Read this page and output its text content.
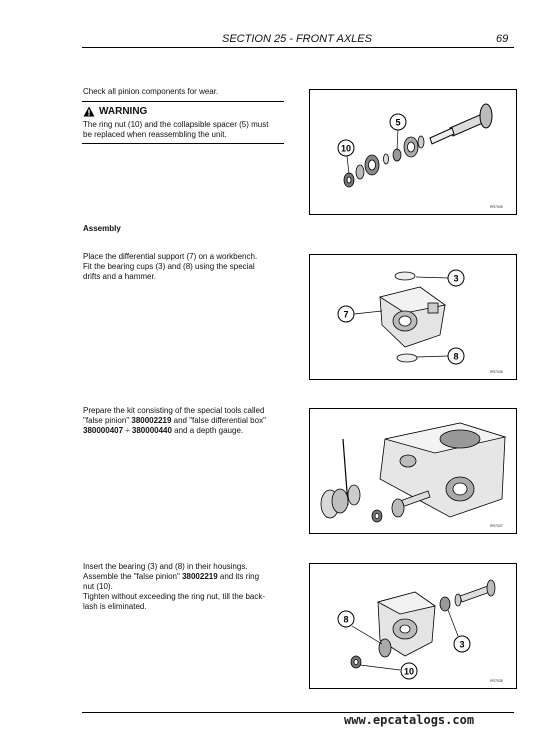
SECTION 25 - FRONT AXLES	69
Check all pinion components for wear.
WARNING
The ring nut (10) and the collapsible spacer (5) must
be replaced when reassembling the unit.
10
5
RR7535
Assembly
Place the differential support (7) on a workbench.
Fit the bearing cups (3) and (8) using the special
drifts and a hammer.	3
7
8
RR7536
Prepare the kit consisting of the special tools called
"false pinion" 380002219 and "false differential box"
380000407 ÷ 380000440 and a depth gauge.
RR7537
Insert the bearing (3) and (8) in their housings.
Assemble the "false pinion" 38002219 and its ring
nut (10).
Tighten without exceeding the ring nut, till the back-
lash is eliminated.
8
3
10
RR7538
www.epcatalogs.com
